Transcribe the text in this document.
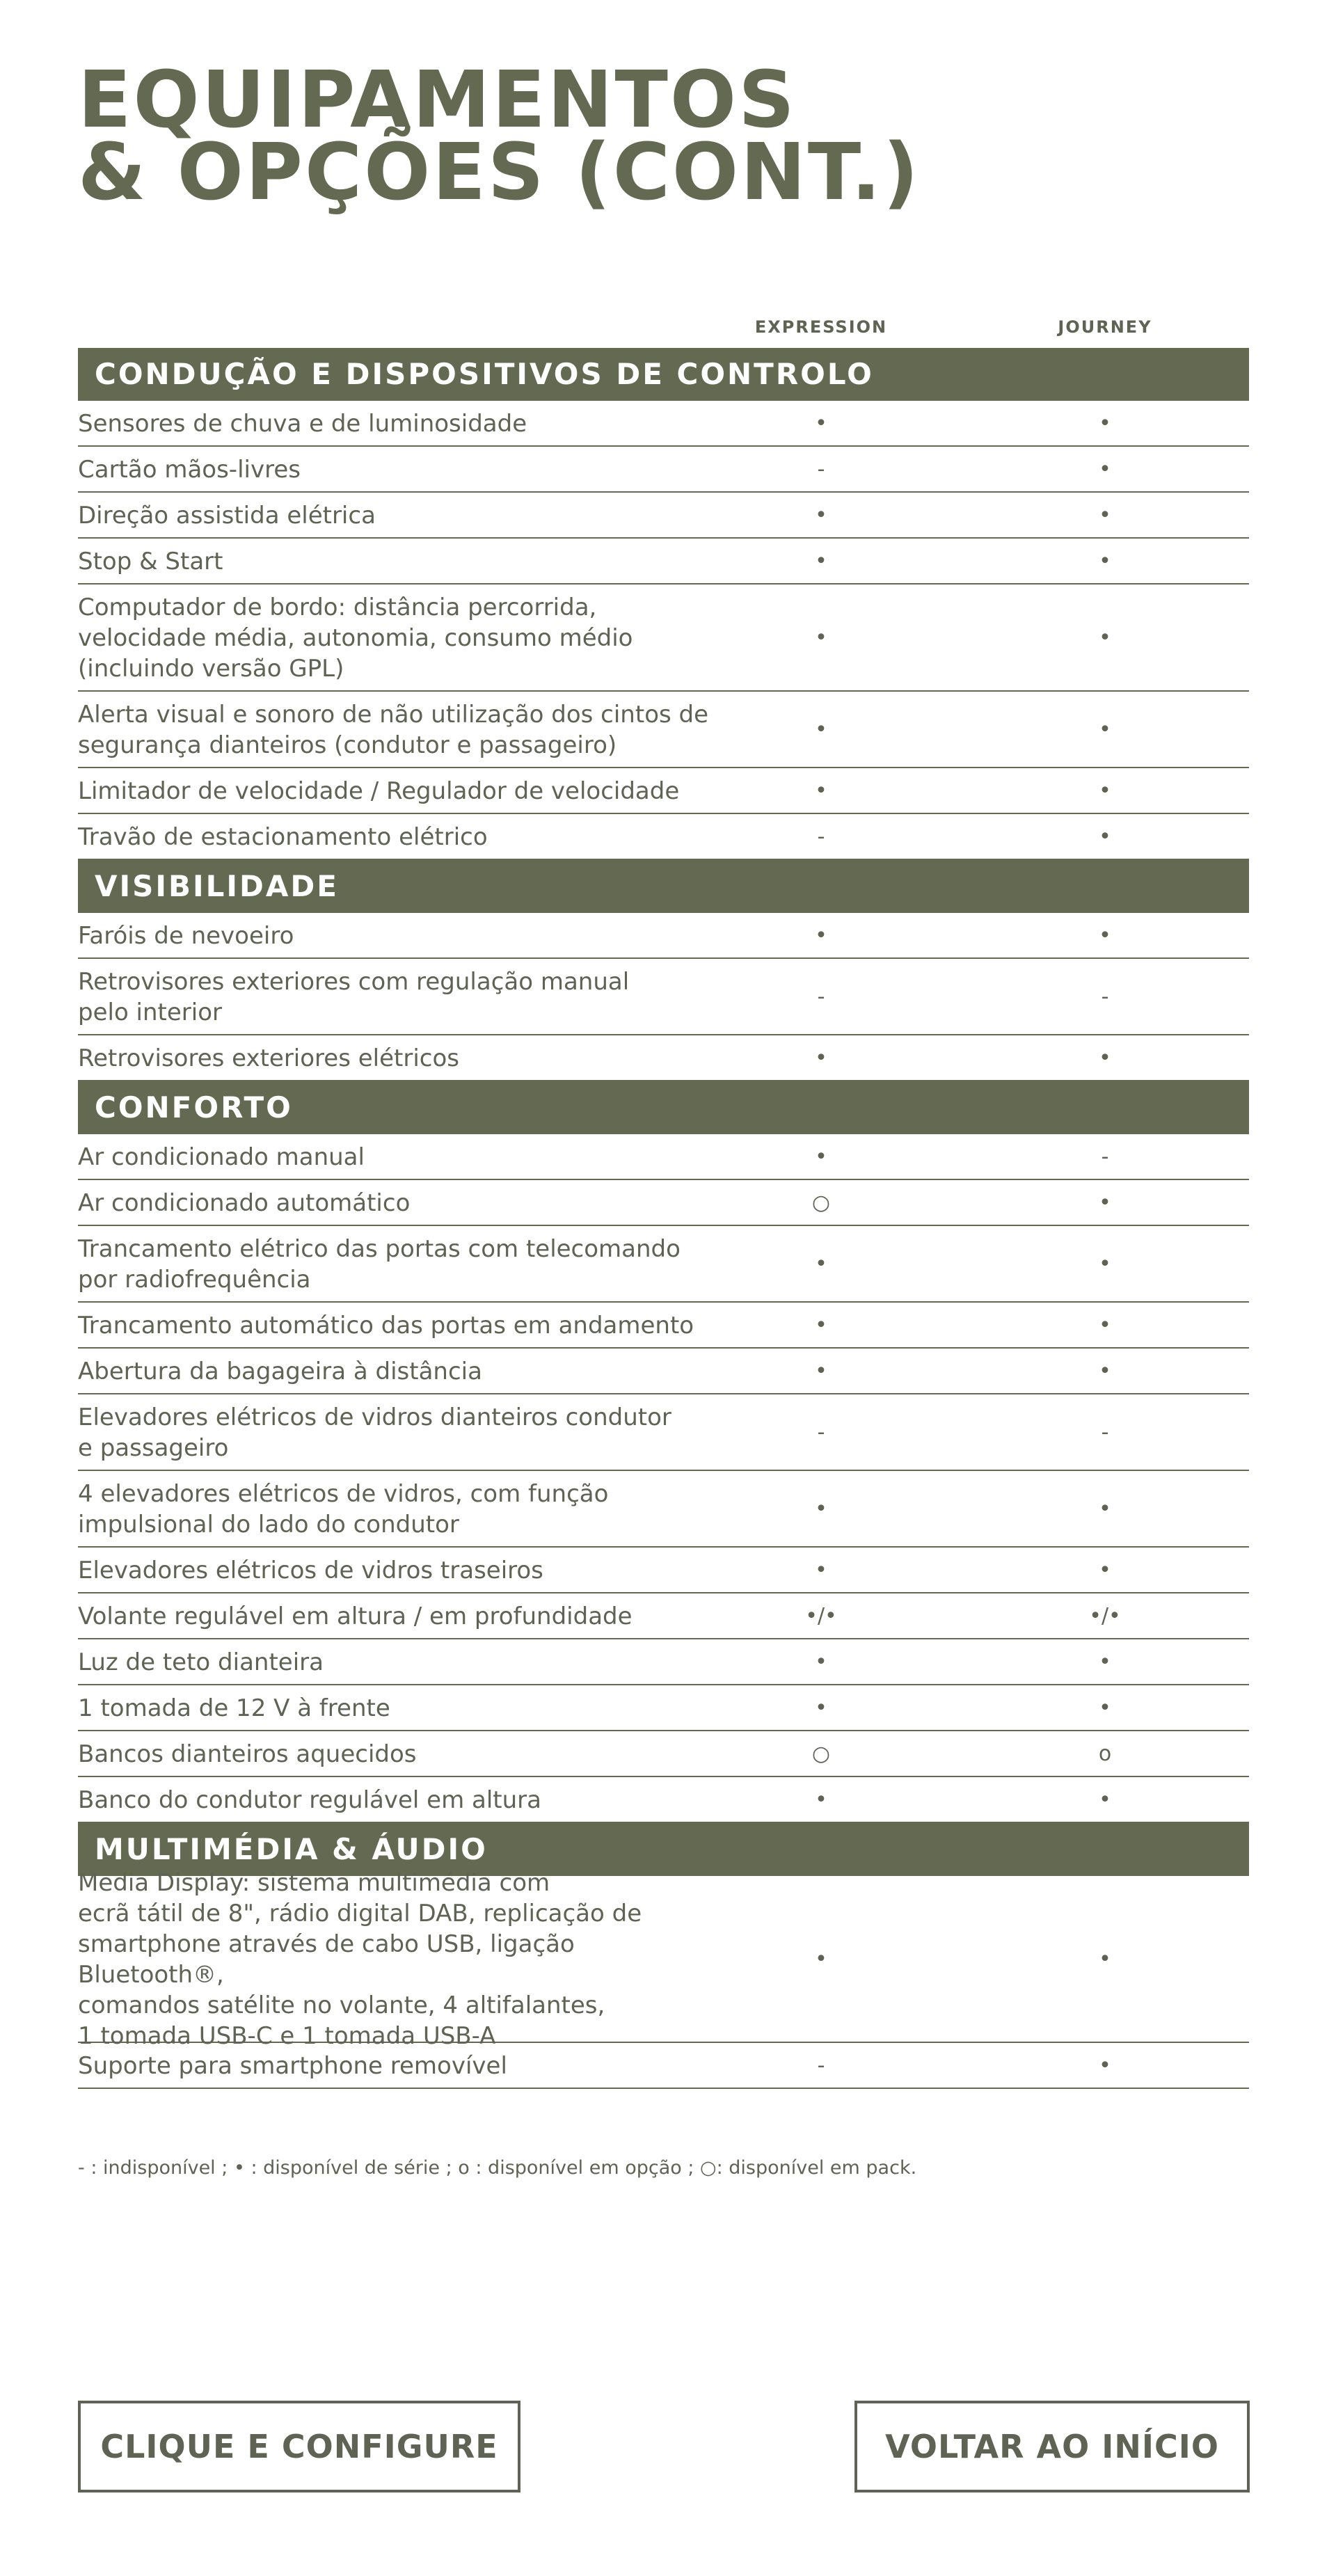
EQUIPAMENTOS
& OPÇÕES (CONT.)
EXPRESSION	JOURNEY
CONDUÇÃO E DISPOSITIVOS DE CONTROLO
Sensores de chuva e de luminosidade	•	•
Cartão mãos-livres	-	•
Direção assistida elétrica	•	•
Stop & Start	•	•
Computador de bordo: distância percorrida,
velocidade média, autonomia, consumo médio
(incluindo versão GPL)
•	•
Alerta visual e sonoro de não utilização dos cintos de
segurança dianteiros (condutor e passageiro)
•	•
Limitador de velocidade / Regulador de velocidade	•	•
Travão de estacionamento elétrico	-	•
VISIBILIDADE
Faróis de nevoeiro	•	•
Retrovisores exteriores com regulação manual
pelo interior
-	-
Retrovisores exteriores elétricos	•	•
CONFORTO
Ar condicionado manual	•	-
Ar condicionado automático	○	•
Trancamento elétrico das portas com telecomando
por radiofrequência
•	•
Trancamento automático das portas em andamento	•	•
Abertura da bagageira à distância	•	•
Elevadores elétricos de vidros dianteiros condutor
e passageiro
-	-
4 elevadores elétricos de vidros, com função
impulsional do lado do condutor
•	•
Elevadores elétricos de vidros traseiros	•	•
Volante regulável em altura / em profundidade	•/•	•/•
Luz de teto dianteira	•	•
1 tomada de 12 V à frente	•	•
Bancos dianteiros aquecidos	○	o
Banco do condutor regulável em altura	•	•
MULTIMÉDIA & ÁUDIO
Media Display: sistema multimédia com
ecrã tátil de 8", rádio digital DAB, replicação de
smartphone através de cabo USB, ligação Bluetooth®,
comandos satélite no volante, 4 altifalantes,
1 tomada USB-C e 1 tomada USB-A
•	•
Suporte para smartphone removível	-	•
- : indisponível ; • : disponível de série ; o : disponível em opção ; ○: disponível em pack.
CLIQUE E CONFIGURE	VOLTAR AO INÍCIO
